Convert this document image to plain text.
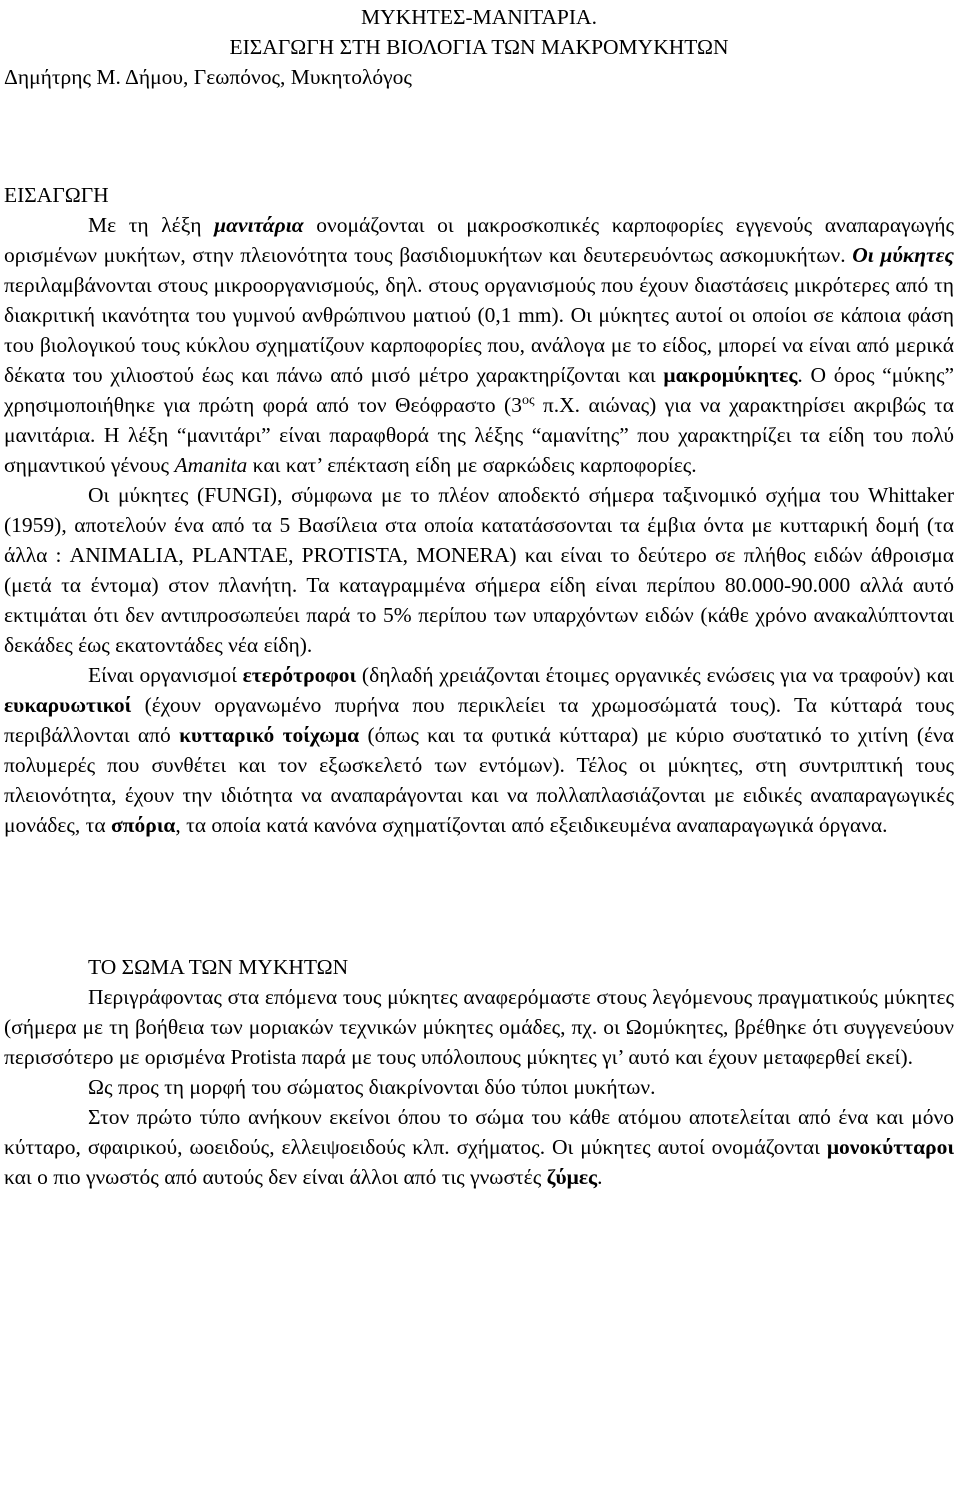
ΜΥΚΗΤΕΣ-ΜΑΝΙΤΑΡΙΑ.
ΕΙΣΑΓΩΓΗ ΣΤΗ ΒΙΟΛΟΓΙΑ ΤΩΝ ΜΑΚΡΟΜΥΚΗΤΩΝ
Δημήτρης Μ. Δήμου, Γεωπόνος, Μυκητολόγος
ΕΙΣΑΓΩΓΗ

Με τη λέξη μανιτάρια ονομάζονται οι μακροσκοπικές καρποφορίες εγγενούς αναπαραγωγής ορισμένων μυκήτων, στην πλειονότητα τους βασιδιομυκήτων και δευτερευόντως ασκομυκήτων. Οι μύκητες περιλαμβάνονται στους μικροοργανισμούς, δηλ. στους οργανισμούς που έχουν διαστάσεις μικρότερες από τη διακριτική ικανότητα του γυμνού ανθρώπινου ματιού (0,1 mm). Οι μύκητες αυτοί οι οποίοι σε κάποια φάση του βιολογικού τους κύκλου σχηματίζουν καρποφορίες που, ανάλογα με το είδος, μπορεί να είναι από μερικά δέκατα του χιλιοστού έως και πάνω από μισό μέτρο χαρακτηρίζονται και μακρομύκητες. Ο όρος “μύκης” χρησιμοποιήθηκε για πρώτη φορά από τον Θεόφραστο ($3^{o\varsigma}$ π.Χ. αιώνας) για να χαρακτηρίσει ακριβώς τα μανιτάρια. Η λέξη “μανιτάρι” είναι παραφθορά της λέξης “αμανίτης” που χαρακτηρίζει τα είδη του πολύ σημαντικού γένους Amanita και κατ’ επέκταση είδη με σαρκώδεις καρποφορίες.

Οι μύκητες (FUNGI), σύμφωνα με το πλέον αποδεκτό σήμερα ταξινομικό σχήμα του Whittaker (1959), αποτελούν ένα από τα 5 Βασίλεια στα οποία κατατάσσονται τα έμβια όντα με κυτταρική δομή (τα άλλα : ANIMALIA, PLANTAE, PROTISTA, MONERA) και είναι το δεύτερο σε πλήθος ειδών άθροισμα (μετά τα έντομα) στον πλανήτη. Τα καταγραμμένα σήμερα είδη είναι περίπου 80.000-90.000 αλλά αυτό εκτιμάται ότι δεν αντιπροσωπεύει παρά το 5% περίπου των υπαρχόντων ειδών (κάθε χρόνο ανακαλύπτονται δεκάδες έως εκατοντάδες νέα είδη).

Είναι οργανισμοί ετερότροφοι (δηλαδή χρειάζονται έτοιμες οργανικές ενώσεις για να τραφούν) και ευκαρυωτικοί (έχουν οργανωμένο πυρήνα που περικλείει τα χρωμοσώματά τους). Τα κύτταρά τους περιβάλλονται από κυτταρικό τοίχωμα (όπως και τα φυτικά κύτταρα) με κύριο συστατικό το χιτίνη (ένα πολυμερές που συνθέτει και τον εξωσκελετό των εντόμων). Τέλος οι μύκητες, στη συντριπτική τους πλειονότητα, έχουν την ιδιότητα να αναπαράγονται και να πολλαπλασιάζονται με ειδικές αναπαραγωγικές μονάδες, τα σπόρια, τα οποία κατά κανόνα σχηματίζονται από εξειδικευμένα αναπαραγωγικά όργανα.

ΤΟ ΣΩΜΑ ΤΩΝ ΜΥΚΗΤΩΝ

Περιγράφοντας στα επόμενα τους μύκητες αναφερόμαστε στους λεγόμενους πραγματικούς μύκητες (σήμερα με τη βοήθεια των μοριακών τεχνικών μύκητες ομάδες, πχ. οι Ωομύκητες, βρέθηκε ότι συγγενεύουν περισσότερο με ορισμένα Protista παρά με τους υπόλοιπους μύκητες γι’ αυτό και έχουν μεταφερθεί εκεί).

Ως προς τη μορφή του σώματος διακρίνονται δύο τύποι μυκήτων.

Στον πρώτο τύπο ανήκουν εκείνοι όπου το σώμα του κάθε ατόμου αποτελείται από ένα και μόνο κύτταρο, σφαιρικού, ωοειδούς, ελλειψοειδούς κλπ. σχήματος. Οι μύκητες αυτοί ονομάζονται μονοκύτταροι και ο πιο γνωστός από αυτούς δεν είναι άλλοι από τις γνωστές ζύμες.
